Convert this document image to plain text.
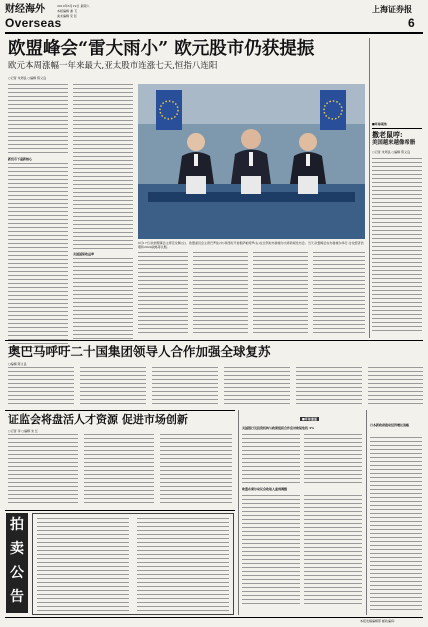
财经海外
Overseas
2010年6月19日 星期六
本版编辑 谢 飞
美术编辑 宋 钰
上海证券报
6
欧盟峰会“雷大雨小” 欧元股市仍获提振
欧元本周涨幅一年来最大,亚太股市连涨七天,恒指八连阳
○记者 朱周良 ○编辑 陈义良
新货币下重新核心
美国国债收益率
6月17日,欧洲理事会主席范龙佩(左)、欧盟委员会主席巴罗佐(中)和西班牙首相萨帕特罗(右)在比利时布鲁塞尔出席新闻发布会。当天,欧盟峰会在布鲁塞尔举行,讨论经济治理和2020战略等议题。
■环球视角
撒老鼠哼:
美国越来越像希腊
○记者 朱周良 ○编辑 陈义良
奥巴马呼吁二十国集团领导人合作加强全球复苏
○编辑 陈义良
证监会将盘活人才资源 促进市场创新
○记者 李 ○编辑 朱 红
■环球速递
美国银行及投资机构与政策组织合作应对欧债危机 3%
欧盟布莱尔动议会收取入面到调整
日本新政府推动经济增长战略
拍
卖
公
告
本报发稿编辑部 邮政编码:
